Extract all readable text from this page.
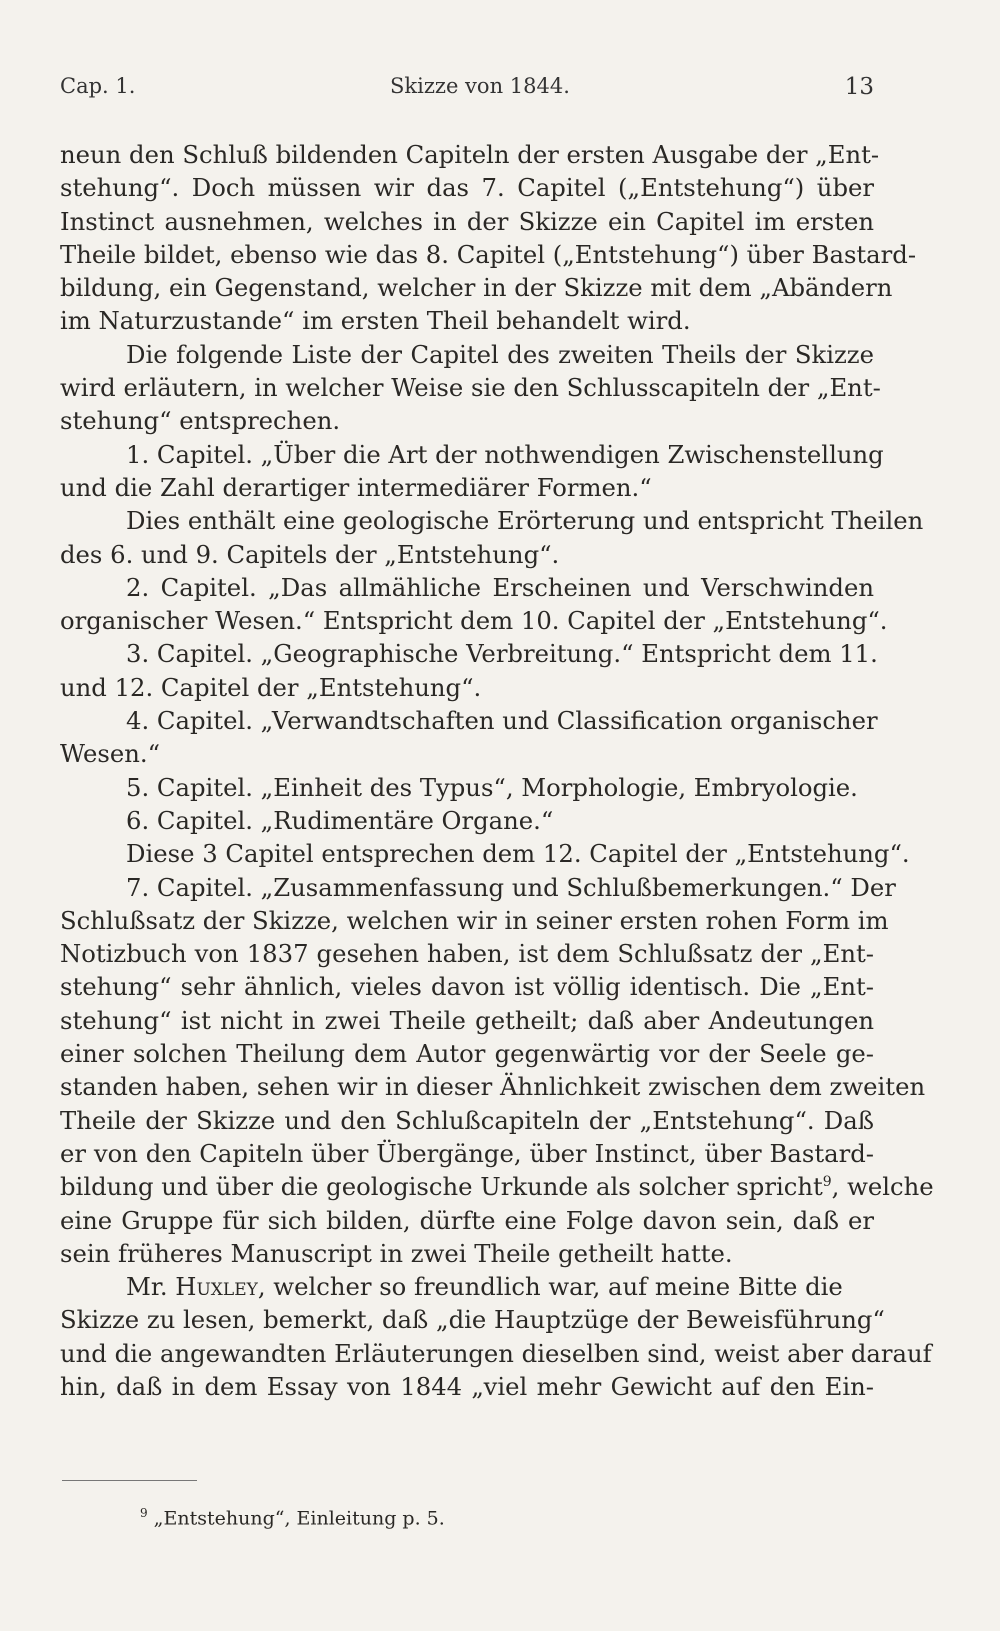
Cap. 1.	Skizze von 1844.	13
neun den Schluß bildenden Capiteln der ersten Ausgabe der „Ent-
stehung“. Doch müssen wir das 7. Capitel („Entstehung“) über
Instinct ausnehmen, welches in der Skizze ein Capitel im ersten
Theile bildet, ebenso wie das 8. Capitel („Entstehung“) über Bastard-
bildung, ein Gegenstand, welcher in der Skizze mit dem „Abändern
im Naturzustande“ im ersten Theil behandelt wird.
Die folgende Liste der Capitel des zweiten Theils der Skizze
wird erläutern, in welcher Weise sie den Schlusscapiteln der „Ent-
stehung“ entsprechen.
1. Capitel. „Über die Art der nothwendigen Zwischenstellung
und die Zahl derartiger intermediärer Formen.“
Dies enthält eine geologische Erörterung und entspricht Theilen
des 6. und 9. Capitels der „Entstehung“.
2. Capitel. „Das allmähliche Erscheinen und Verschwinden
organischer Wesen.“ Entspricht dem 10. Capitel der „Entstehung“.
3. Capitel. „Geographische Verbreitung.“ Entspricht dem 11.
und 12. Capitel der „Entstehung“.
4. Capitel. „Verwandtschaften und Classification organischer
Wesen.“
5. Capitel. „Einheit des Typus“, Morphologie, Embryologie.
6. Capitel. „Rudimentäre Organe.“
Diese 3 Capitel entsprechen dem 12. Capitel der „Entstehung“.
7. Capitel. „Zusammenfassung und Schlußbemerkungen.“ Der
Schlußsatz der Skizze, welchen wir in seiner ersten rohen Form im
Notizbuch von 1837 gesehen haben, ist dem Schlußsatz der „Ent-
stehung“ sehr ähnlich, vieles davon ist völlig identisch. Die „Ent-
stehung“ ist nicht in zwei Theile getheilt; daß aber Andeutungen
einer solchen Theilung dem Autor gegenwärtig vor der Seele ge-
standen haben, sehen wir in dieser Ähnlichkeit zwischen dem zweiten
Theile der Skizze und den Schlußcapiteln der „Entstehung“. Daß
er von den Capiteln über Übergänge, über Instinct, über Bastard-
bildung und über die geologische Urkunde als solcher spricht $^9$, welche
eine Gruppe für sich bilden, dürfte eine Folge davon sein, daß er
sein früheres Manuscript in zwei Theile getheilt hatte.
Mr. Huxley, welcher so freundlich war, auf meine Bitte die
Skizze zu lesen, bemerkt, daß „die Hauptzüge der Beweisführung“
und die angewandten Erläuterungen dieselben sind, weist aber darauf
hin, daß in dem Essay von 1844 „viel mehr Gewicht auf den Ein-
$^9$ „Entstehung“, Einleitung p. 5.
